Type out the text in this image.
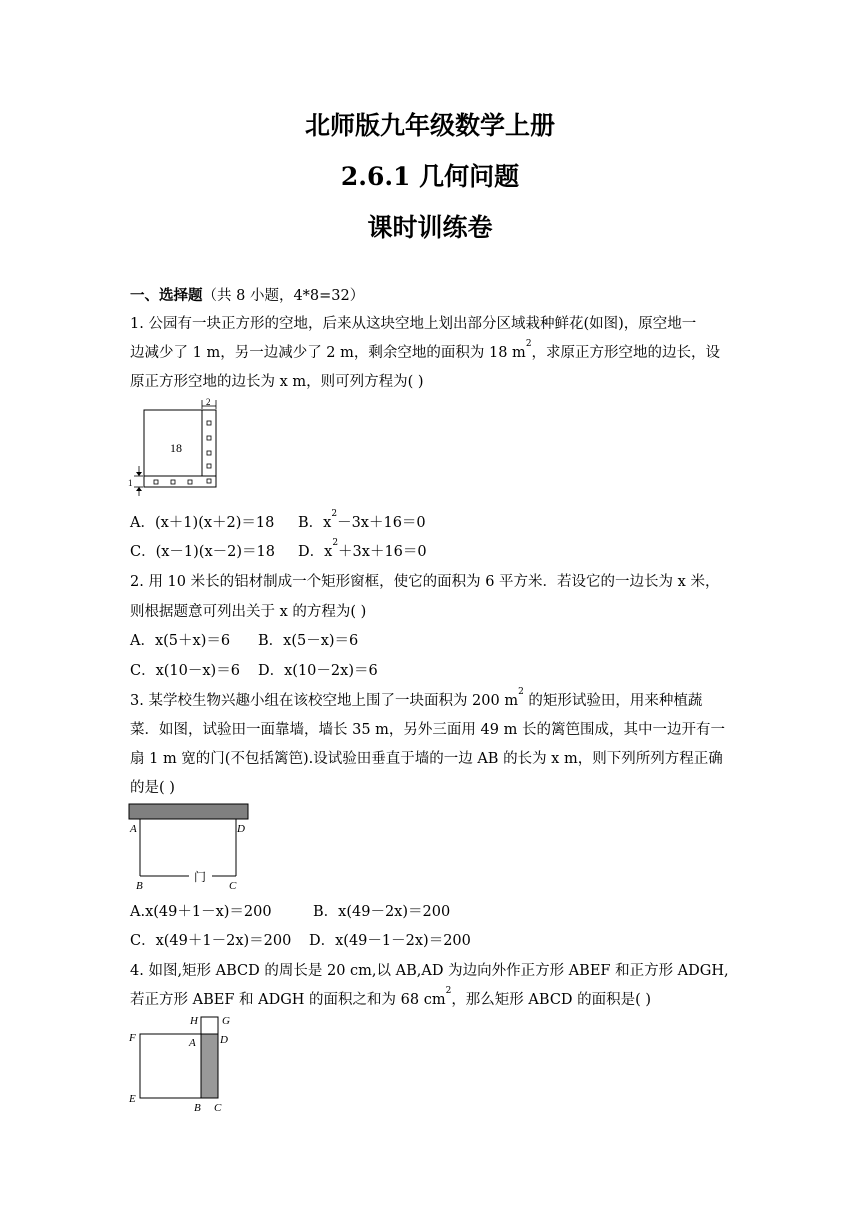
北师版九年级数学上册
2.6.1 几何问题
课时训练卷
一、选择题（共 8 小题，4*8=32）
1. 公园有一块正方形的空地，后来从这块空地上划出部分区域栽种鲜花(如图)，原空地一
边减少了 1 m，另一边减少了 2 m，剩余空地的面积为 18 $m^2$，求原正方形空地的边长，设
原正方形空地的边长为 x m，则可列方程为( )
18
2
1
A．(x＋1)(x＋2)＝18 B．$x^2-3x+16=0$
C．(x－1)(x－2)＝18 D．$x^2+3x+16=0$
2. 用 10 米长的铝材制成一个矩形窗框，使它的面积为 6 平方米．若设它的一边长为 x 米，
则根据题意可列出关于 x 的方程为( )
A．x(5＋x)＝6 B．x(5－x)＝6
C．x(10－x)＝6 D．x(10－2x)＝6
3. 某学校生物兴趣小组在该校空地上围了一块面积为 200 $m^2$ 的矩形试验田，用来种植蔬
菜．如图，试验田一面靠墙，墙长 35 m，另外三面用 49 m 长的篱笆围成，其中一边开有一
扇 1 m 宽的门(不包括篱笆).设试验田垂直于墙的一边 AB 的长为 x m，则下列所列方程正确
的是( )
门
A	D
B	C
A.x(49＋1－x)＝200	B．x(49－2x)＝200
C．x(49＋1－2x)＝200 D．x(49－1－2x)＝200
4. 如图,矩形 ABCD 的周长是 20 cm,以 AB,AD 为边向外作正方形 ABEF 和正方形 ADGH,
若正方形 ABEF 和 ADGH 的面积之和为 68 $cm^2$，那么矩形 ABCD 的面积是( )
H G
F	A D
E
B C
